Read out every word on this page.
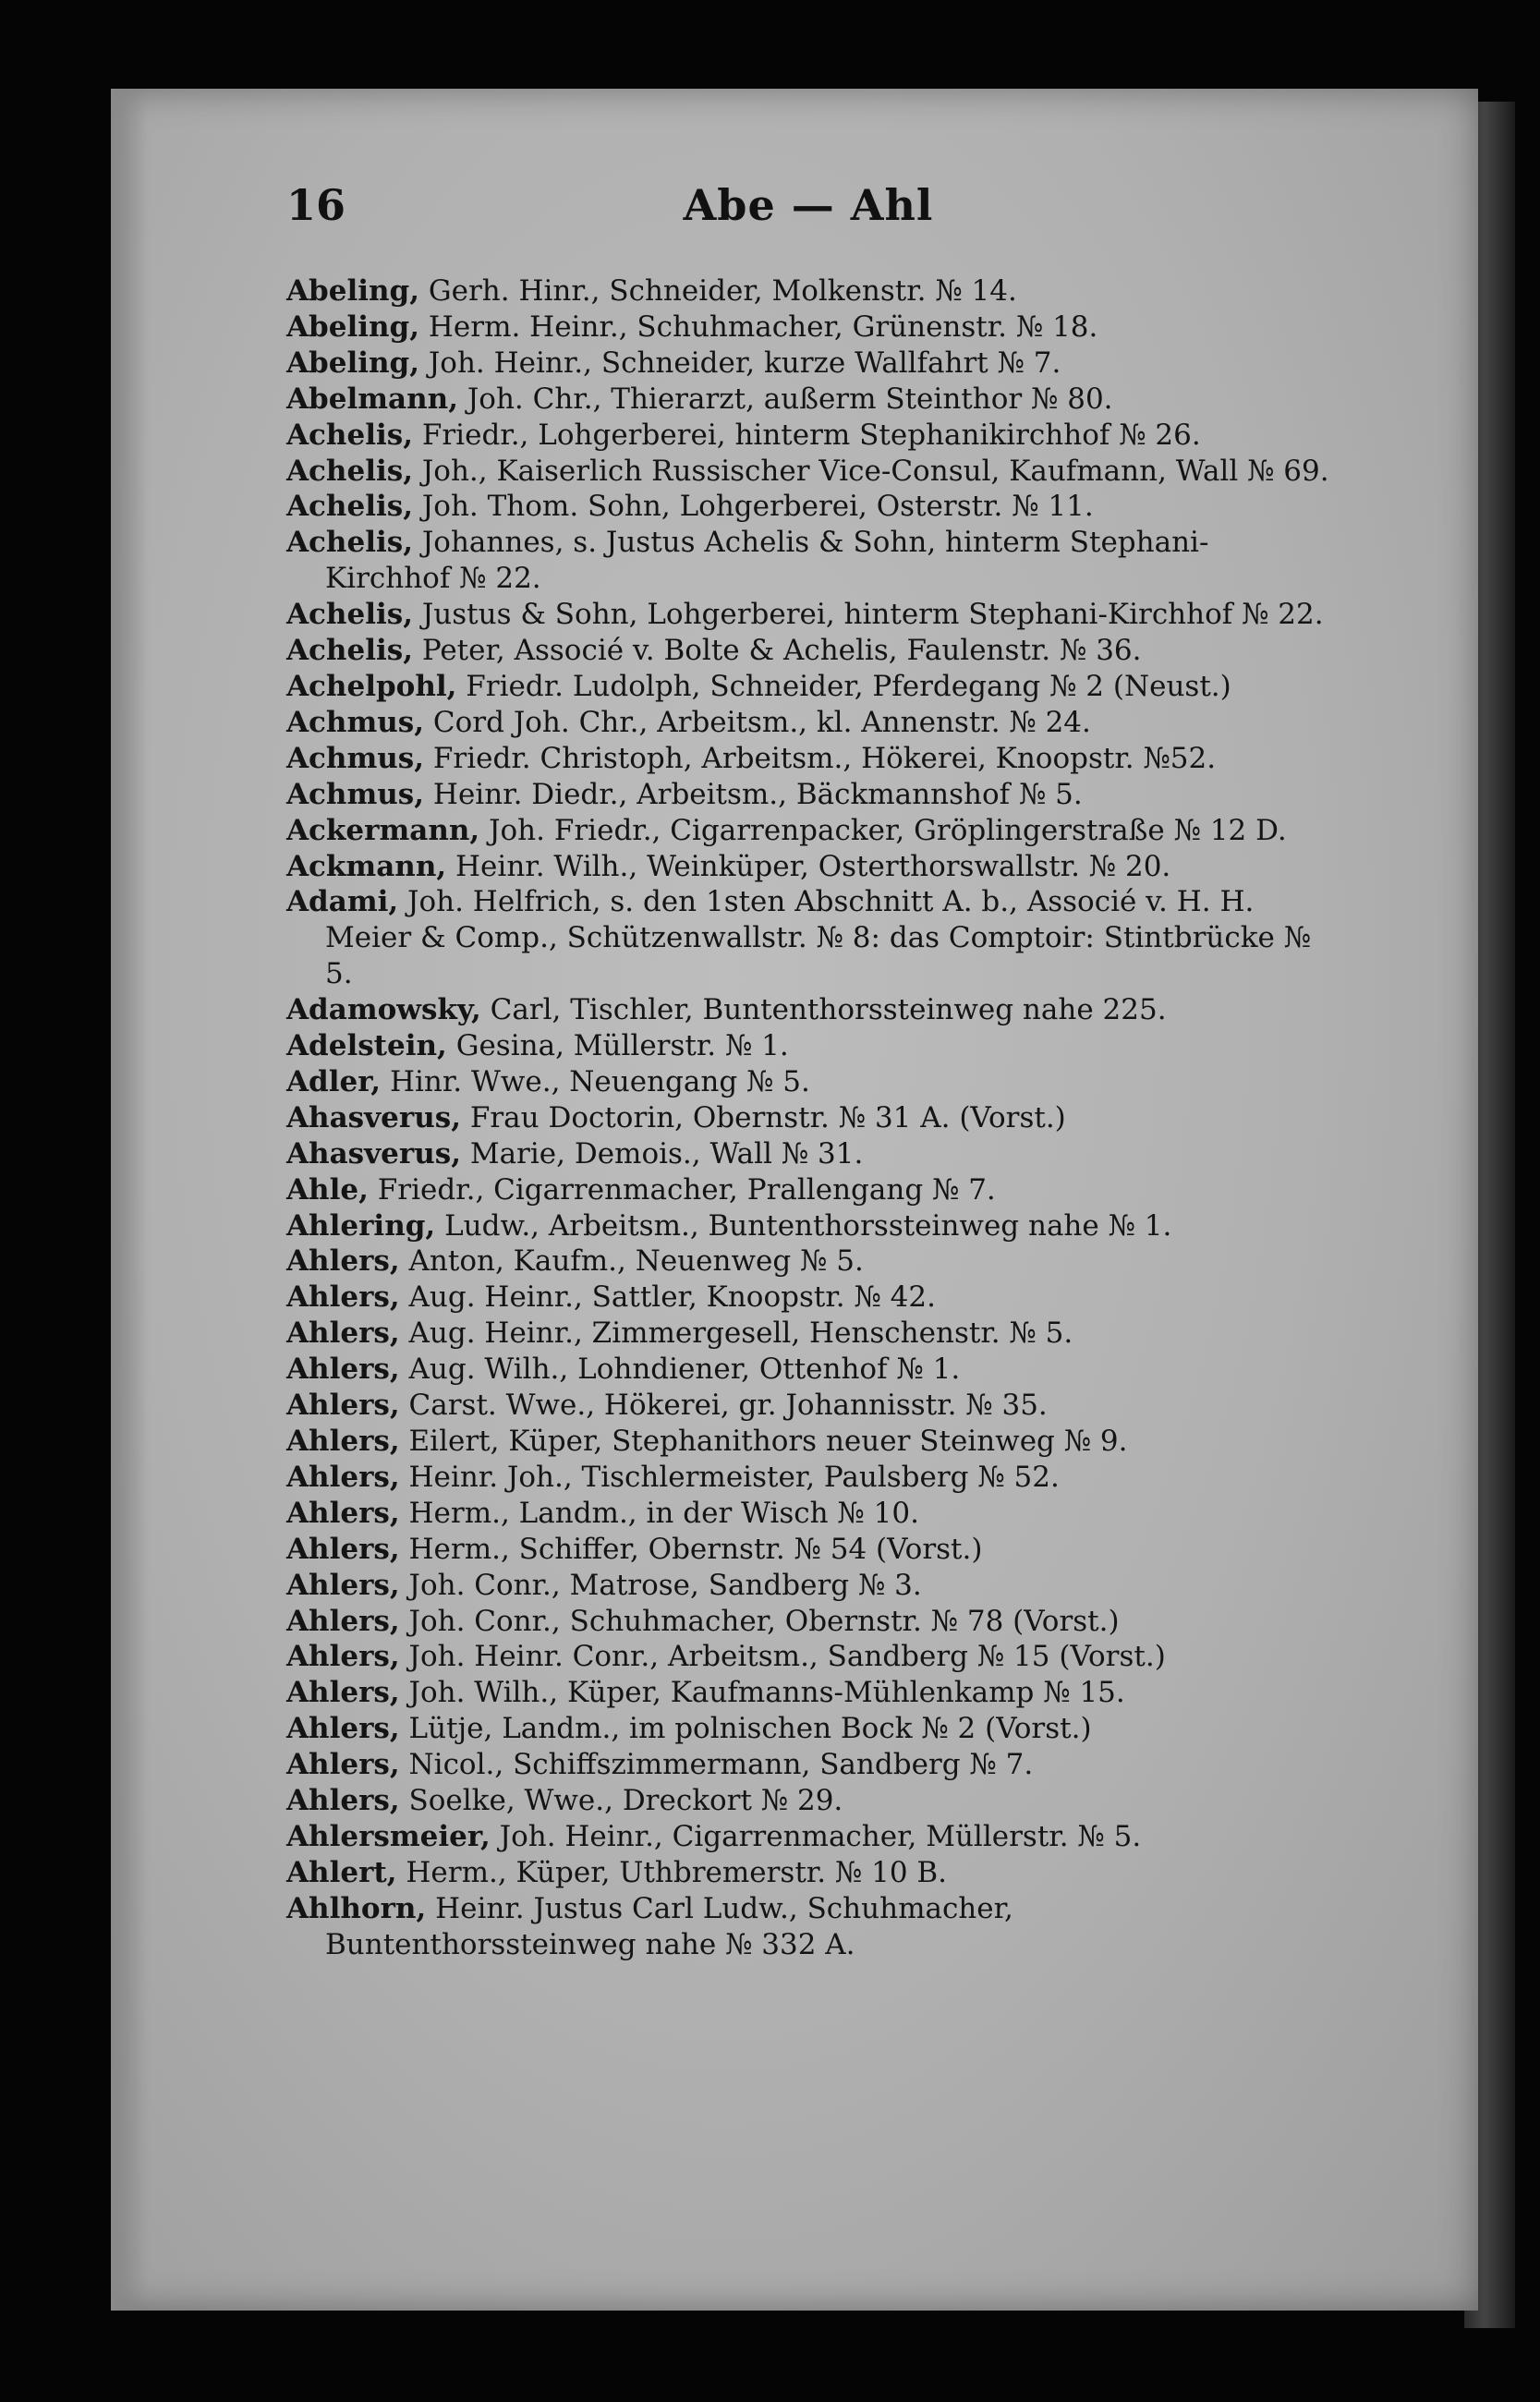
16	Abe — Ahl

Abeling, Gerh. Hinr., Schneider, Molkenstr. № 14.

Abeling, Herm. Heinr., Schuhmacher, Grünenstr. № 18.

Abeling, Joh. Heinr., Schneider, kurze Wallfahrt № 7.

Abelmann, Joh. Chr., Thierarzt, außerm Steinthor № 80.

Achelis, Friedr., Lohgerberei, hinterm Stephanikirchhof № 26.

Achelis, Joh., Kaiserlich Russischer Vice-Consul, Kaufmann, Wall № 69.

Achelis, Joh. Thom. Sohn, Lohgerberei, Osterstr. № 11.

Achelis, Johannes, s. Justus Achelis & Sohn, hinterm Stephani-Kirchhof № 22.

Achelis, Justus & Sohn, Lohgerberei, hinterm Stephani-Kirchhof № 22.

Achelis, Peter, Associé v. Bolte & Achelis, Faulenstr. № 36.

Achelpohl, Friedr. Ludolph, Schneider, Pferdegang № 2 (Neust.)

Achmus, Cord Joh. Chr., Arbeitsm., kl. Annenstr. № 24.

Achmus, Friedr. Christoph, Arbeitsm., Hökerei, Knoopstr. №52.

Achmus, Heinr. Diedr., Arbeitsm., Bäckmannshof № 5.

Ackermann, Joh. Friedr., Cigarrenpacker, Gröplingerstraße № 12 D.

Ackmann, Heinr. Wilh., Weinküper, Osterthorswallstr. № 20.

Adami, Joh. Helfrich, s. den 1sten Abschnitt A. b., Associé v. H. H. Meier & Comp., Schützenwallstr. № 8: das Comptoir: Stintbrücke № 5.

Adamowsky, Carl, Tischler, Buntenthorssteinweg nahe 225.

Adelstein, Gesina, Müllerstr. № 1.

Adler, Hinr. Wwe., Neuengang № 5.

Ahasverus, Frau Doctorin, Obernstr. № 31 A. (Vorst.)

Ahasverus, Marie, Demois., Wall № 31.

Ahle, Friedr., Cigarrenmacher, Prallengang № 7.

Ahlering, Ludw., Arbeitsm., Buntenthorssteinweg nahe № 1.

Ahlers, Anton, Kaufm., Neuenweg № 5.

Ahlers, Aug. Heinr., Sattler, Knoopstr. № 42.

Ahlers, Aug. Heinr., Zimmergesell, Henschenstr. № 5.

Ahlers, Aug. Wilh., Lohndiener, Ottenhof № 1.

Ahlers, Carst. Wwe., Hökerei, gr. Johannisstr. № 35.

Ahlers, Eilert, Küper, Stephanithors neuer Steinweg № 9.

Ahlers, Heinr. Joh., Tischlermeister, Paulsberg № 52.

Ahlers, Herm., Landm., in der Wisch № 10.

Ahlers, Herm., Schiffer, Obernstr. № 54 (Vorst.)

Ahlers, Joh. Conr., Matrose, Sandberg № 3.

Ahlers, Joh. Conr., Schuhmacher, Obernstr. № 78 (Vorst.)

Ahlers, Joh. Heinr. Conr., Arbeitsm., Sandberg № 15 (Vorst.)

Ahlers, Joh. Wilh., Küper, Kaufmanns-Mühlenkamp № 15.

Ahlers, Lütje, Landm., im polnischen Bock № 2 (Vorst.)

Ahlers, Nicol., Schiffszimmermann, Sandberg № 7.

Ahlers, Soelke, Wwe., Dreckort № 29.

Ahlersmeier, Joh. Heinr., Cigarrenmacher, Müllerstr. № 5.

Ahlert, Herm., Küper, Uthbremerstr. № 10 B.

Ahlhorn, Heinr. Justus Carl Ludw., Schuhmacher, Buntenthorssteinweg nahe № 332 A.
